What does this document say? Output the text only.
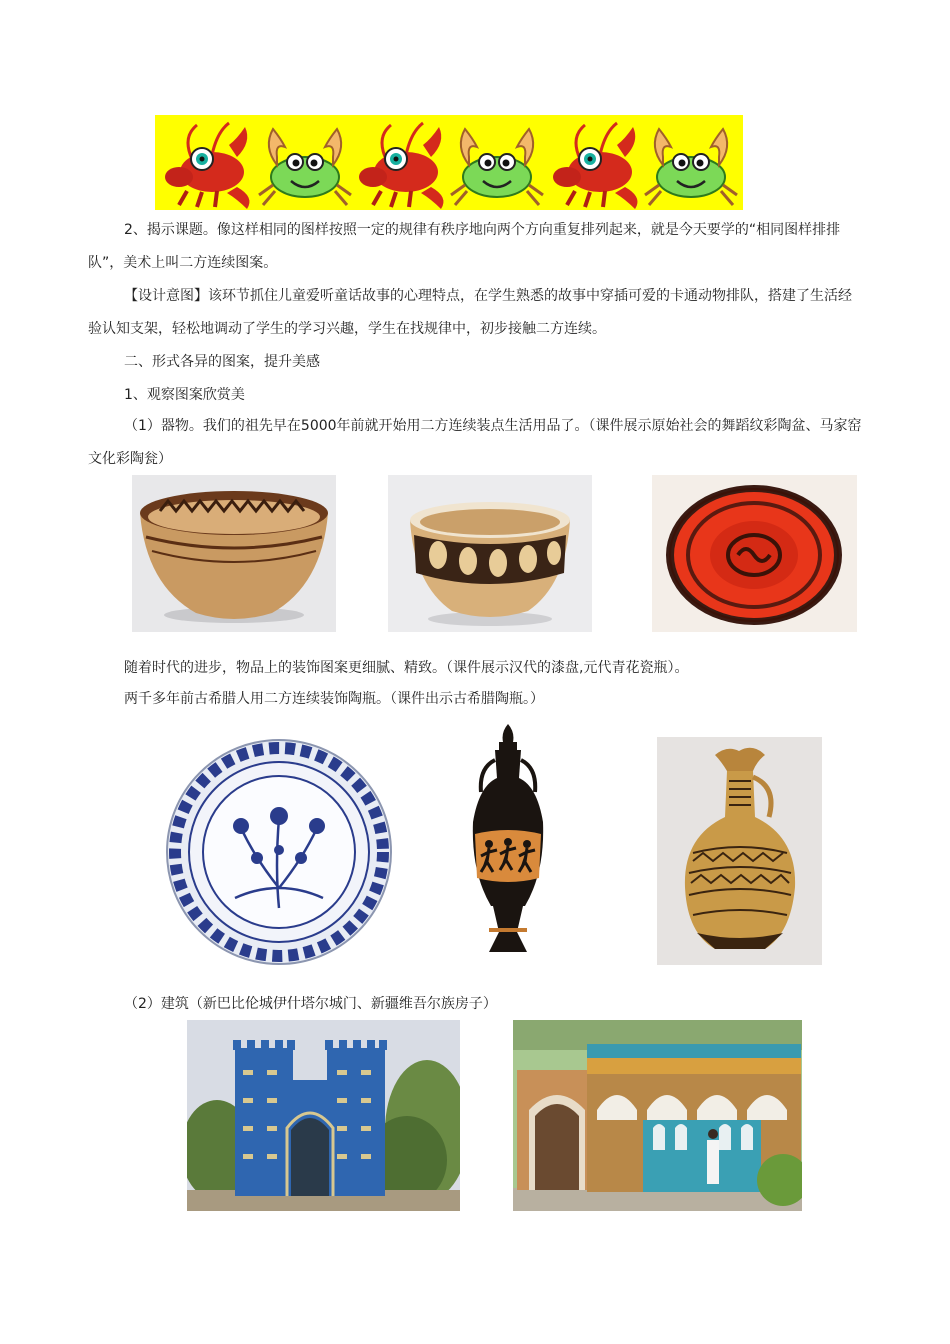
2、揭示课题。像这样相同的图样按照一定的规律有秩序地向两个方向重复排列起来，就是今天要学的“相同图样排排队”，美术上叫二方连续图案。
【设计意图】该环节抓住儿童爱听童话故事的心理特点，在学生熟悉的故事中穿插可爱的卡通动物排队，搭建了生活经验认知支架，轻松地调动了学生的学习兴趣，学生在找规律中，初步接触二方连续。
二、形式各异的图案，提升美感
1、观察图案欣赏美
（1）器物。我们的祖先早在5000年前就开始用二方连续装点生活用品了。（课件展示原始社会的舞蹈纹彩陶盆、马家窑文化彩陶瓮）
随着时代的进步，物品上的装饰图案更细腻、精致。（课件展示汉代的漆盘,元代青花瓷瓶）。
两千多年前古希腊人用二方连续装饰陶瓶。（课件出示古希腊陶瓶。）
（2）建筑（新巴比伦城伊什塔尔城门、新疆维吾尔族房子）
